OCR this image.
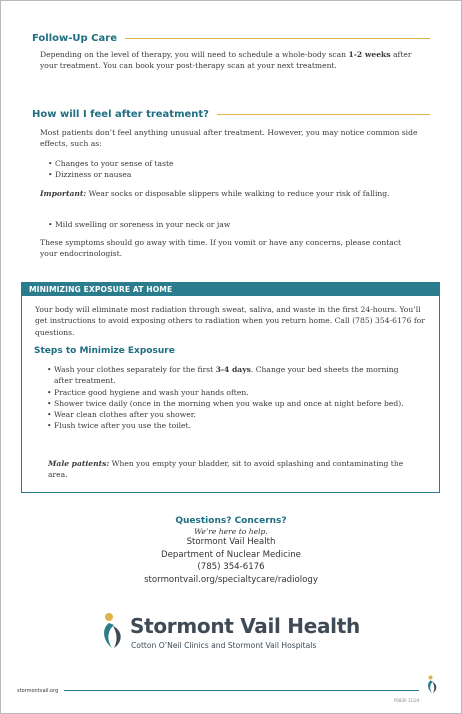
Follow-Up Care

Depending on the level of therapy, you will need to schedule a whole-body scan 1-2 weeks after your treatment. You can book your post-therapy scan at your next treatment.

How will I feel after treatment?

Most patients don’t feel anything unusual after treatment. However, you may notice common side effects, such as:

• Changes to your sense of taste
• Dizziness or nausea

Important: Wear socks or disposable slippers while walking to reduce your risk of falling.

• Mild swelling or soreness in your neck or jaw

These symptoms should go away with time. If you vomit or have any concerns, please contact your endocrinologist.

MINIMIZING EXPOSURE AT HOME

Your body will eliminate most radiation through sweat, saliva, and waste in the first 24-hours. You’ll get instructions to avoid exposing others to radiation when you return home. Call (785) 354-6176 for questions.

Steps to Minimize Exposure
• Wash your clothes separately for the first 3-4 days. Change your bed sheets the morning after treatment.
• Practice good hygiene and wash your hands often.
• Shower twice daily (once in the morning when you wake up and once at night before bed).
• Wear clean clothes after you shower.
• Flush twice after you use the toilet.

Male patients: When you empty your bladder, sit to avoid splashing and contaminating the area.

Questions? Concerns?
We’re here to help.
Stormont Vail Health
Department of Nuclear Medicine
(785) 354-6176
stormontvail.org/specialtycare/radiology
Stormont Vail Health
Cotton O’Neil Clinics and Stormont Vail Hospitals
stormontvail.org
P0830 11/24
